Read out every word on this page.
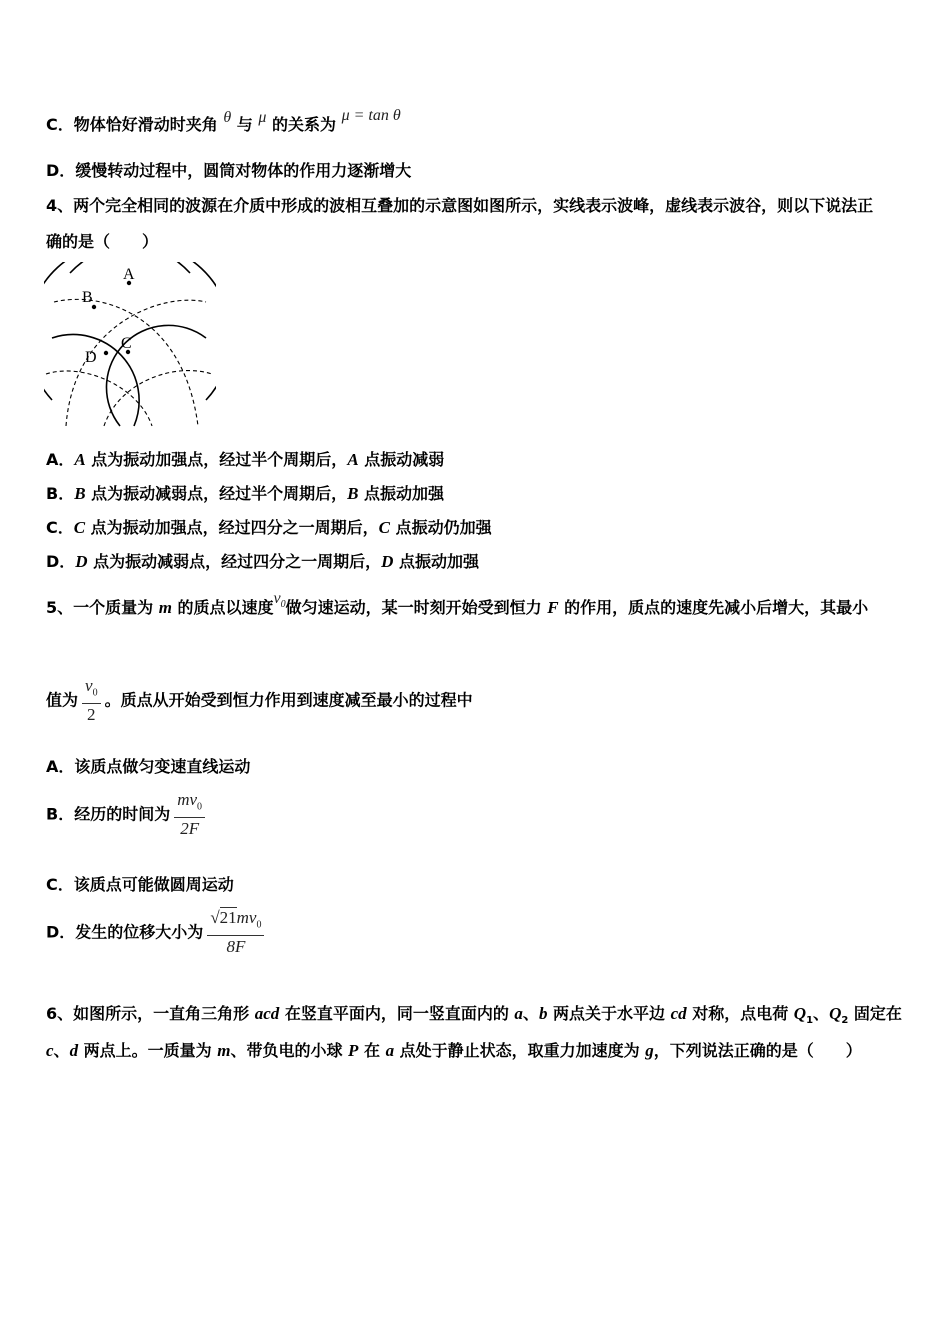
C．物体恰好滑动时夹角 θ 与 μ 的关系为 μ = tan θ
D．缓慢转动过程中，圆筒对物体的作用力逐渐增大
4、两个完全相同的波源在介质中形成的波相互叠加的示意图如图所示，实线表示波峰，虚线表示波谷，则以下说法正
确的是（　　）
A
B
C
D
A．A 点为振动加强点，经过半个周期后，A 点振动减弱
B．B 点为振动减弱点，经过半个周期后，B 点振动加强
C．C 点为振动加强点，经过四分之一周期后，C 点振动仍加强
D．D 点为振动减弱点，经过四分之一周期后，D 点振动加强
5、一个质量为 m 的质点以速度$v_0$做匀速运动，某一时刻开始受到恒力 F 的作用，质点的速度先减小后增大，其最小
值为 $\frac{v_0}{2}$ 。质点从开始受到恒力作用到速度减至最小的过程中
A．该质点做匀变速直线运动
B．经历的时间为 $\frac{mv_0}{2F}$
C．该质点可能做圆周运动
D．发生的位移大小为 $\frac{√21mv_0}{8F}$
6、如图所示，一直角三角形 acd 在竖直平面内，同一竖直面内的 a、b 两点关于水平边 cd 对称，点电荷 $Q_1$、$Q_2$ 固定在
c、d 两点上。一质量为 m、带负电的小球 P 在 a 点处于静止状态，取重力加速度为 g，下列说法正确的是（　　）
